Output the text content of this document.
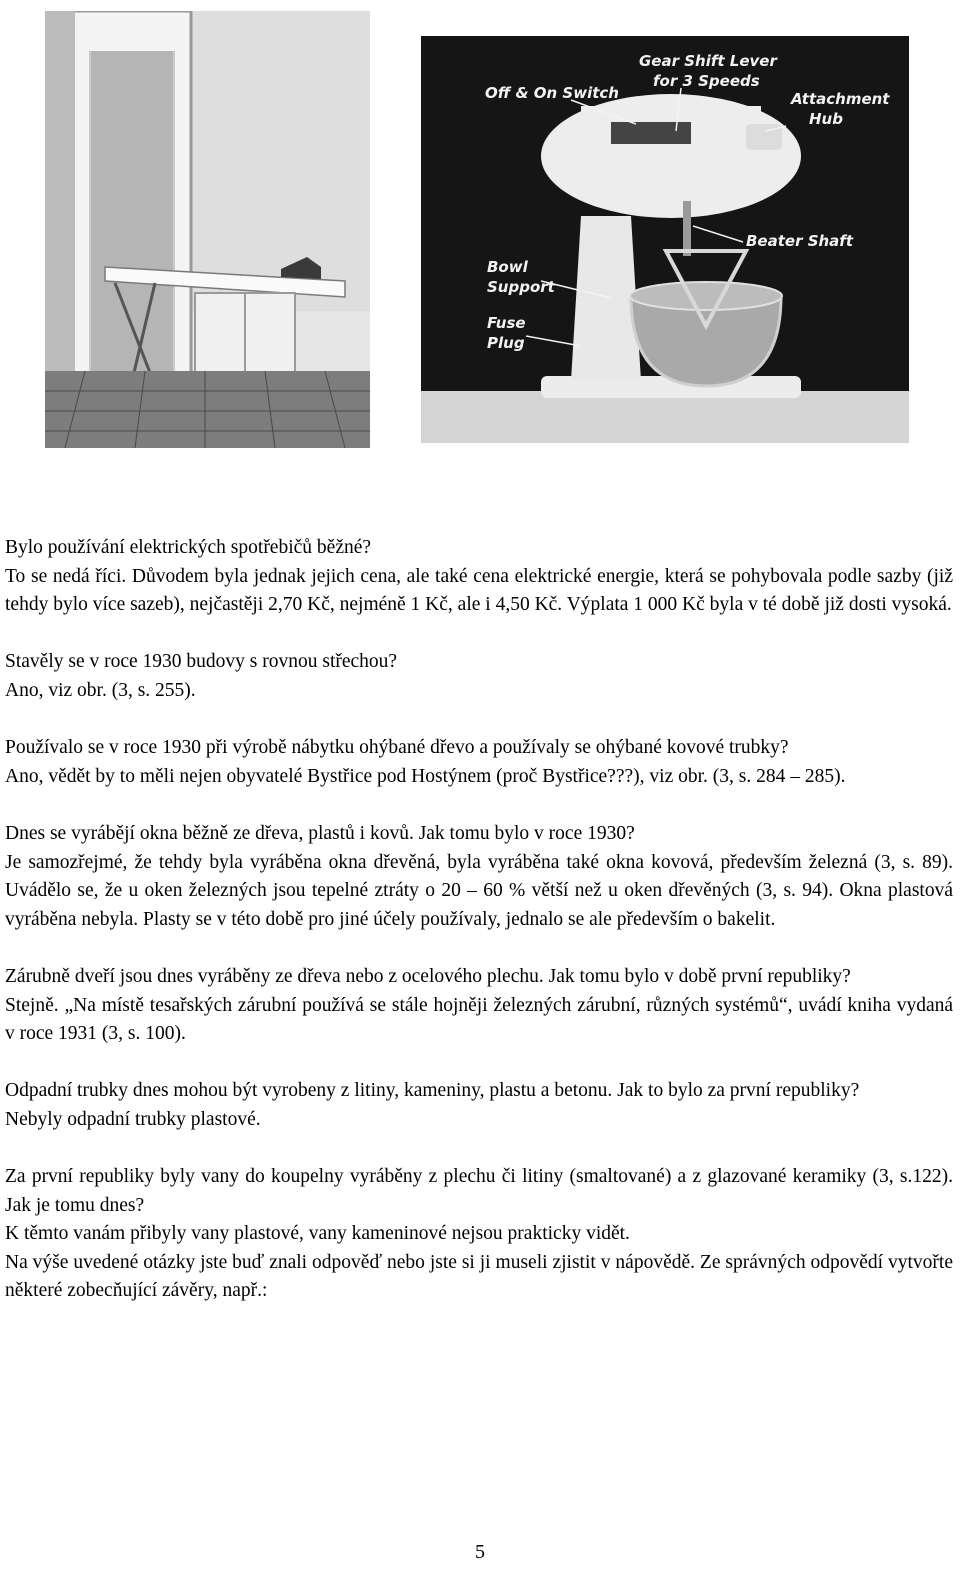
Off & On Switch
Gear Shift Lever
for 3 Speeds
Attachment
Hub
Beater Shaft
Bowl
Support
Fuse
Plug

Bylo používání elektrických spotřebičů běžné?

To se nedá říci. Důvodem byla jednak jejich cena, ale také cena elektrické energie, která se pohybovala podle sazby (již tehdy bylo více sazeb), nejčastěji 2,70 Kč, nejméně 1 Kč, ale i 4,50 Kč. Výplata 1 000 Kč byla v té době již dosti vysoká.

Stavěly se v roce 1930 budovy s rovnou střechou?

Ano, viz obr. (3, s. 255).

Používalo se v roce 1930 při výrobě nábytku ohýbané dřevo a používaly se ohýbané kovové trubky?

Ano, vědět by to měli nejen obyvatelé Bystřice pod Hostýnem (proč Bystřice???), viz obr. (3, s. 284 – 285).

Dnes se vyrábějí okna běžně ze dřeva, plastů i kovů. Jak tomu bylo v roce 1930?

Je samozřejmé, že tehdy byla vyráběna okna dřevěná, byla vyráběna také okna kovová, především železná (3, s. 89). Uvádělo se, že u oken železných jsou tepelné ztráty o 20 – 60 % větší než u oken dřevěných (3, s. 94). Okna plastová vyráběna nebyla. Plasty se v této době pro jiné účely používaly, jednalo se ale především o bakelit.

Zárubně dveří jsou dnes vyráběny ze dřeva nebo z ocelového plechu. Jak tomu bylo v době první republiky?

Stejně. „Na místě tesařských zárubní používá se stále hojněji železných zárubní, různých systémů“, uvádí kniha vydaná v roce 1931 (3, s. 100).

Odpadní trubky dnes mohou být vyrobeny z litiny, kameniny, plastu a betonu. Jak to bylo za první republiky?

Nebyly odpadní trubky plastové.

Za první republiky byly vany do koupelny vyráběny z plechu či litiny (smaltované) a z glazované keramiky (3, s.122). Jak je tomu dnes?

K těmto vanám přibyly vany plastové, vany kameninové nejsou prakticky vidět.

Na výše uvedené otázky jste buď znali odpověď nebo jste si ji museli zjistit v nápovědě. Ze správných odpovědí vytvořte některé zobecňující závěry, např.:

5
